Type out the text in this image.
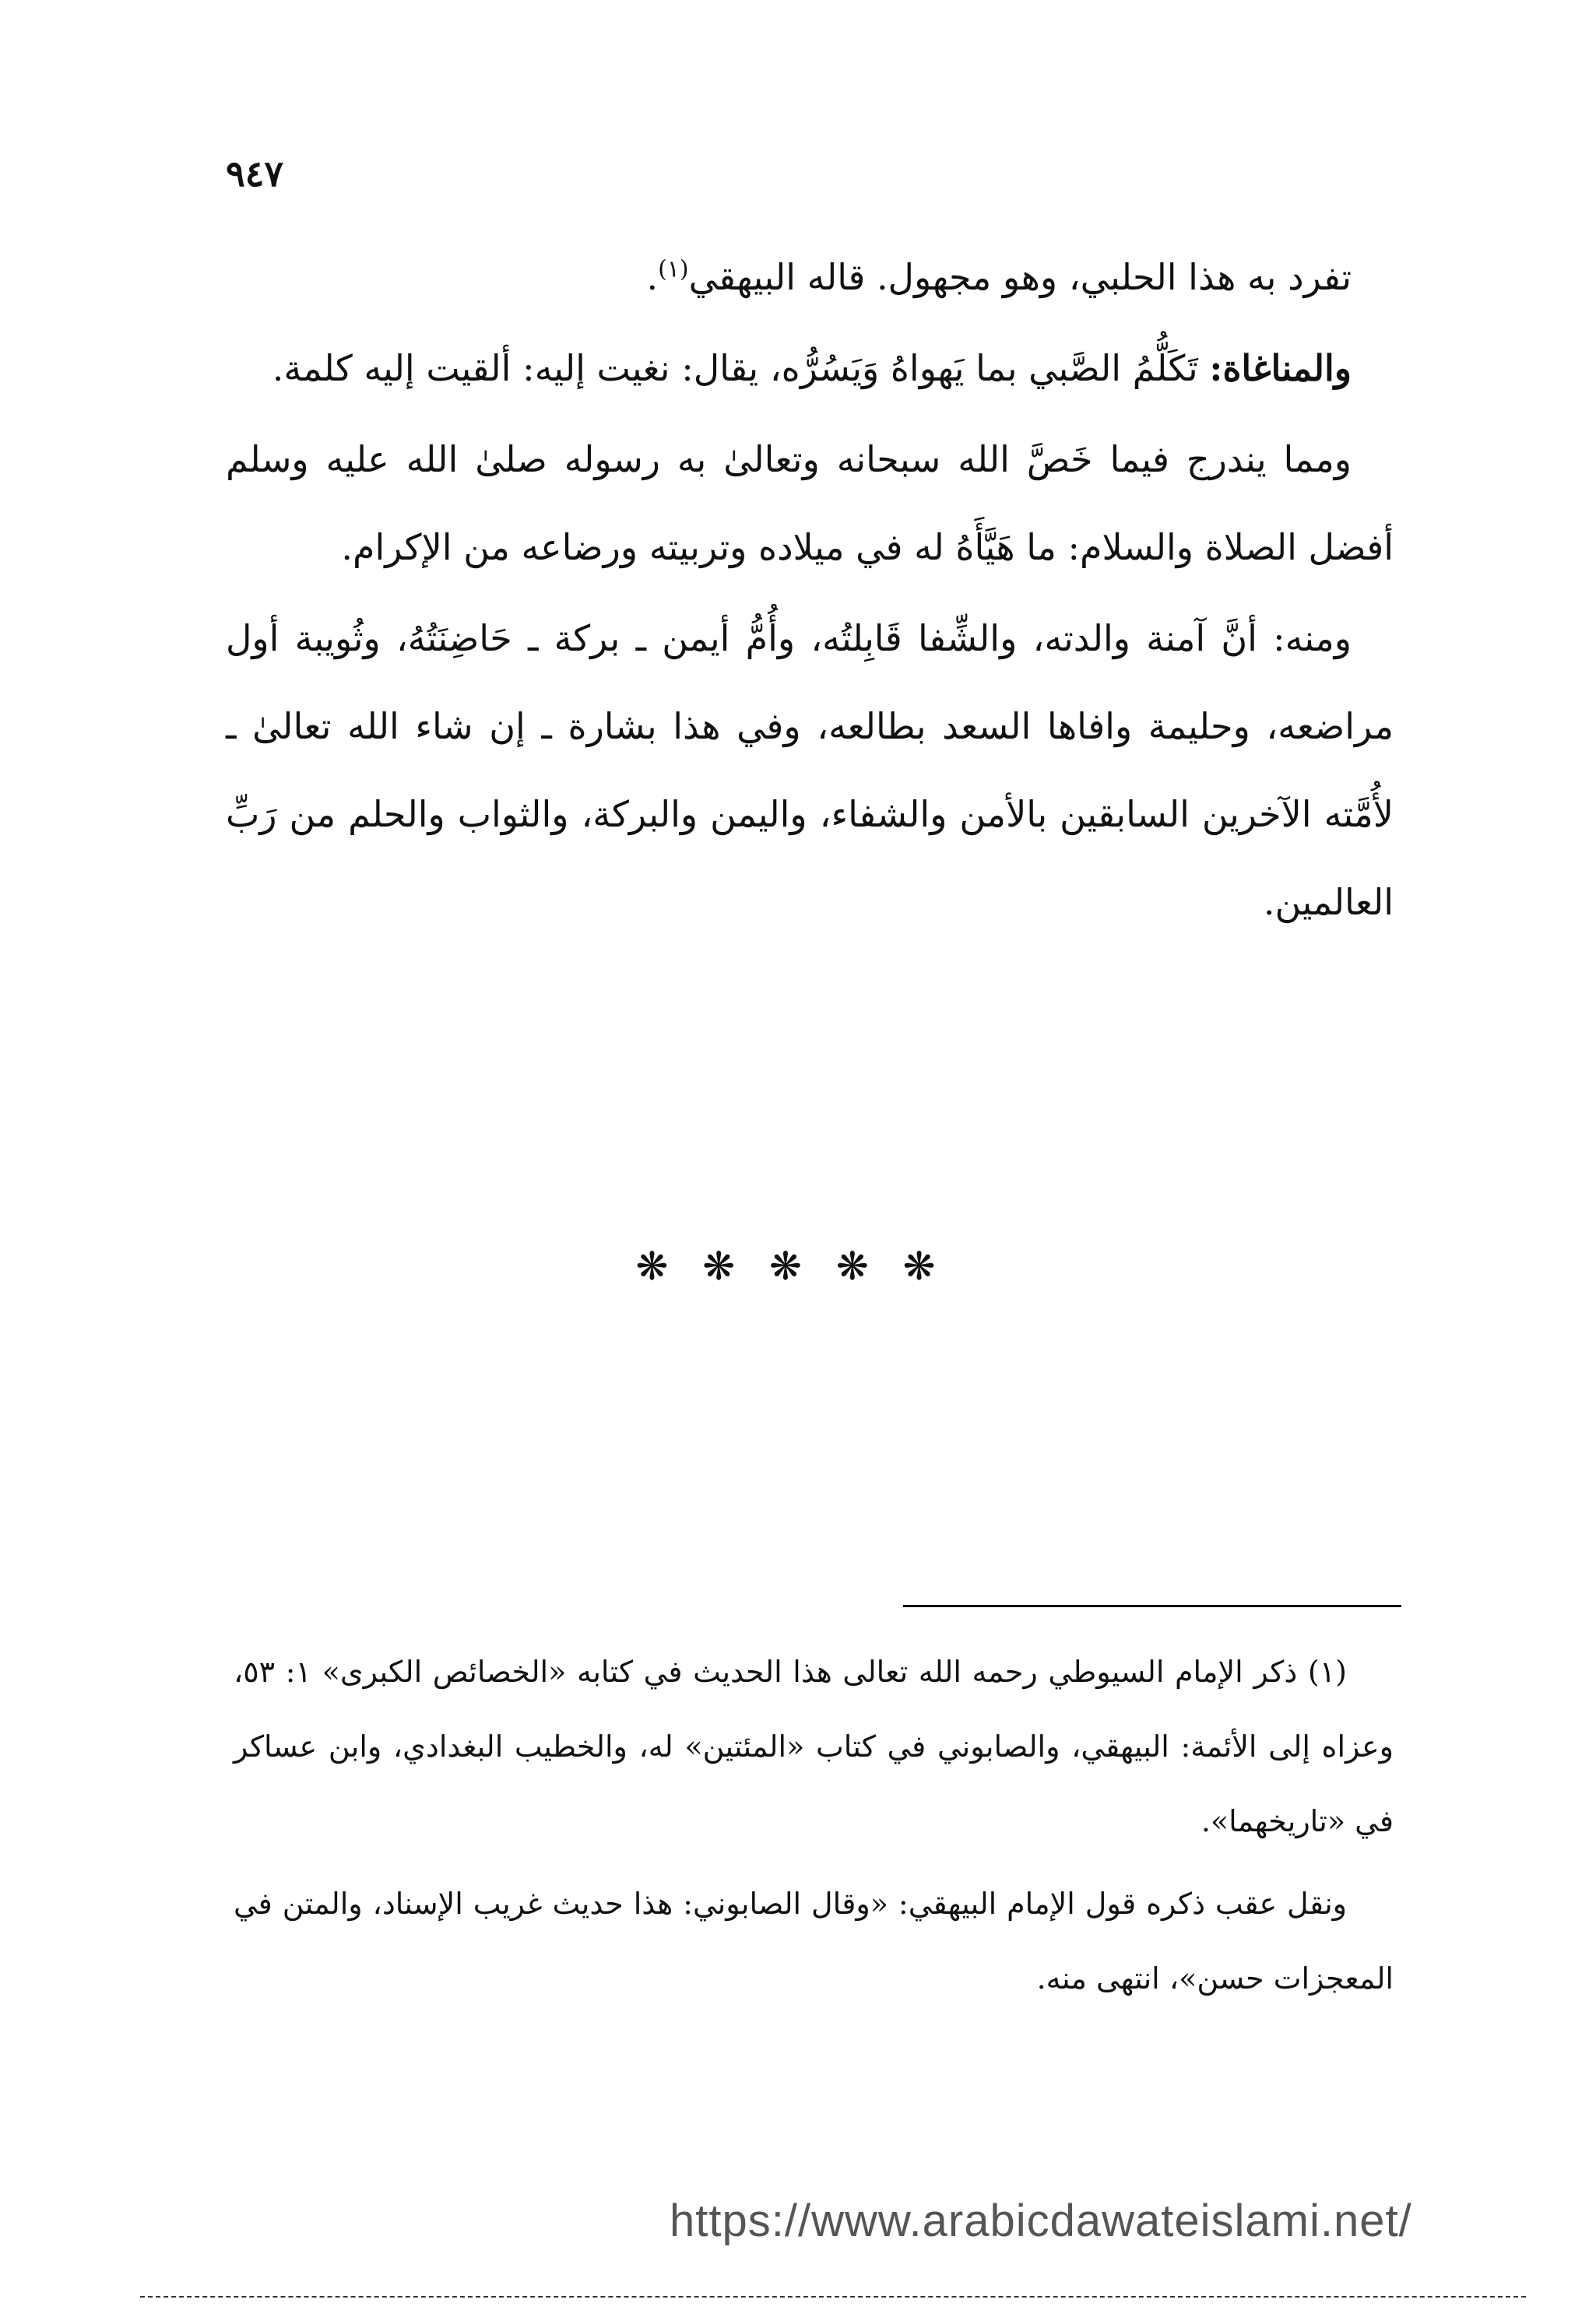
٩٤٧

تفرد به هذا الحلبي، وهو مجهول. قاله البيهقي$^{(١)}$.

والمناغاة: تَكَلُّمُ الصَّبي بما يَهواهُ وَيَسُرُّه، يقال: نغيت إليه: ألقيت إليه كلمة.

ومما يندرج فيما خَصَّ الله سبحانه وتعالىٰ به رسوله صلىٰ الله عليه وسلم أفضل الصلاة والسلام: ما هَيَّأَهُ له في ميلاده وتربيته ورضاعه من الإكرام.

ومنه: أنَّ آمنة والدته، والشِّفا قَابِلتُه، وأُمُّ أيمن ـ بركة ـ حَاضِنَتُهُ، وثُويبة أول مراضعه، وحليمة وافاها السعد بطالعه، وفي هذا بشارة ـ إن شاء الله تعالىٰ ـ لأُمَّته الآخرين السابقين بالأمن والشفاء، واليمن والبركة، والثواب والحلم من رَبِّ العالمين.

❋ ❋ ❋ ❋ ❋

(١) ذكر الإمام السيوطي رحمه الله تعالى هذا الحديث في كتابه «الخصائص الكبرى» ١: ٥٣، وعزاه إلى الأئمة: البيهقي، والصابوني في كتاب «المئتين» له، والخطيب البغدادي، وابن عساكر في «تاريخهما».

ونقل عقب ذكره قول الإمام البيهقي: «وقال الصابوني: هذا حديث غريب الإسناد، والمتن في المعجزات حسن»، انتهى منه.

https://www.arabicdawateislami.net/
